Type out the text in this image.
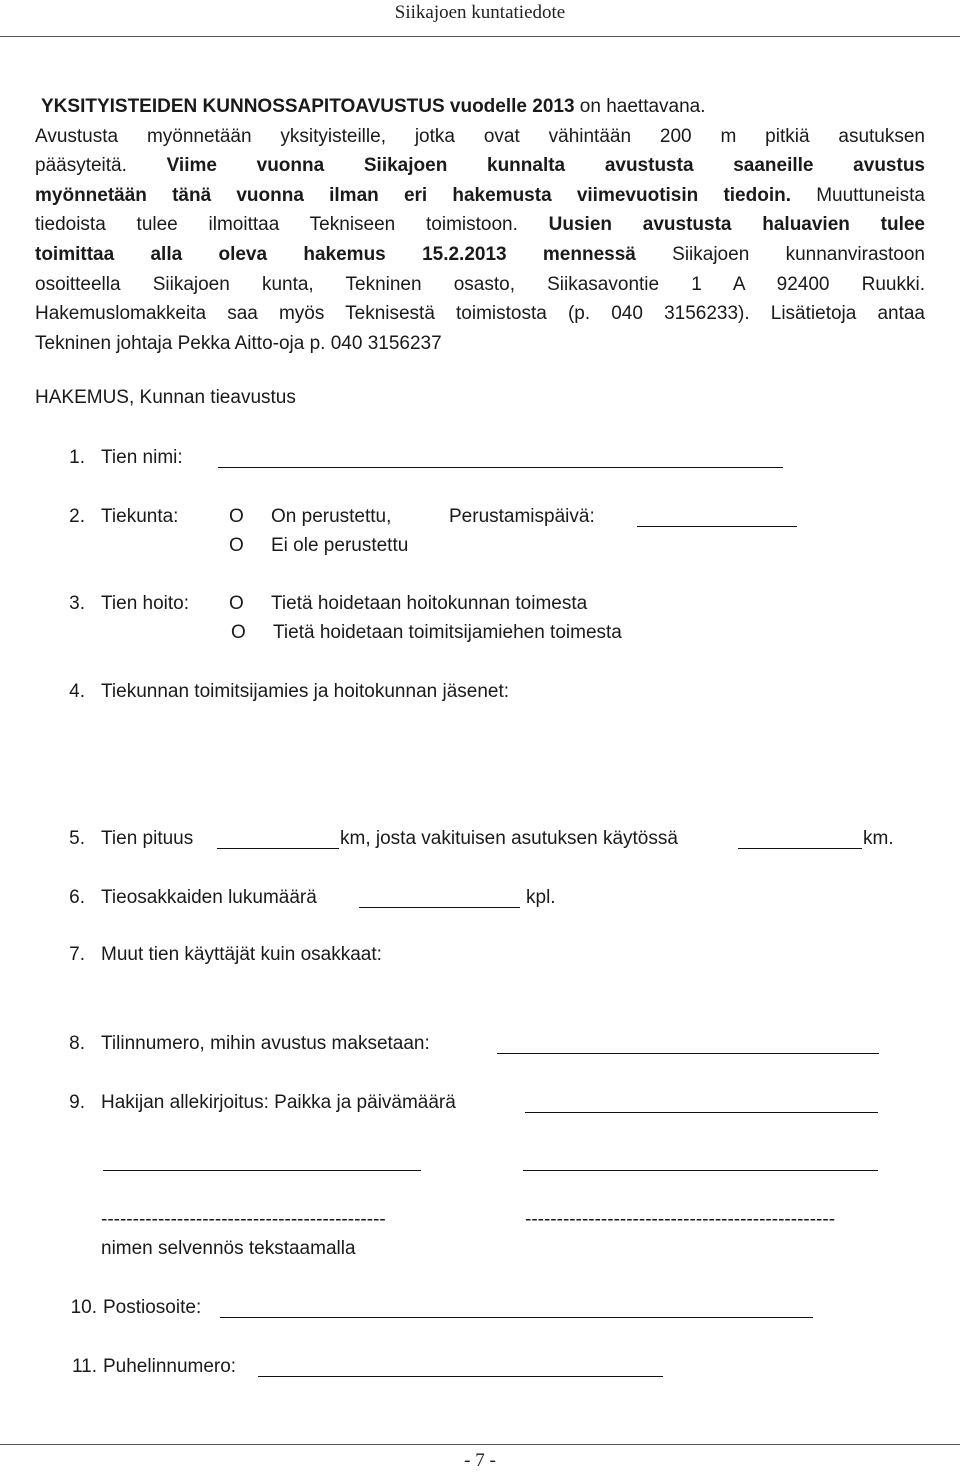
Siikajoen kuntatiedote

YKSITYISTEIDEN KUNNOSSAPITOAVUSTUS vuodelle 2013 on haettavana.

Avustusta myönnetään yksityisteille, jotka ovat vähintään 200 m pitkiä asutuksen

pääsyteitä. Viime vuonna Siikajoen kunnalta avustusta saaneille avustus

myönnetään tänä vuonna ilman eri hakemusta viimevuotisin tiedoin. Muuttuneista

tiedoista tulee ilmoittaa Tekniseen toimistoon. Uusien avustusta haluavien tulee

toimittaa alla oleva hakemus 15.2.2013 mennessä Siikajoen kunnanvirastoon

osoitteella Siikajoen kunta, Tekninen osasto, Siikasavontie 1 A 92400 Ruukki.

Hakemuslomakkeita saa myös Teknisestä toimistosta (p. 040 3156233). Lisätietoja antaa

Tekninen johtaja Pekka Aitto-oja p. 040 3156237

HAKEMUS, Kunnan tieavustus
1. Tien nimi:
2. Tiekunta:	O On perustettu,	Perustamispäivä:
O Ei ole perustettu
3. Tien hoito: O Tietä hoidetaan hoitokunnan toimesta
O Tietä hoidetaan toimitsijamiehen toimesta
4. Tiekunnan toimitsijamies ja hoitokunnan jäsenet:
5. Tien pituus	km, josta vakituisen asutuksen käytössä	km.
6. Tieosakkaiden lukumäärä	kpl.
7. Muut tien käyttäjät kuin osakkaat:
8. Tilinnumero, mihin avustus maksetaan:
9. Hakijan allekirjoitus: Paikka ja päivämäärä
---------------------------------------------	-------------------------------------------------
nimen selvennös tekstaamalla
10. Postiosoite:
11. Puhelinnumero:
- 7 -
